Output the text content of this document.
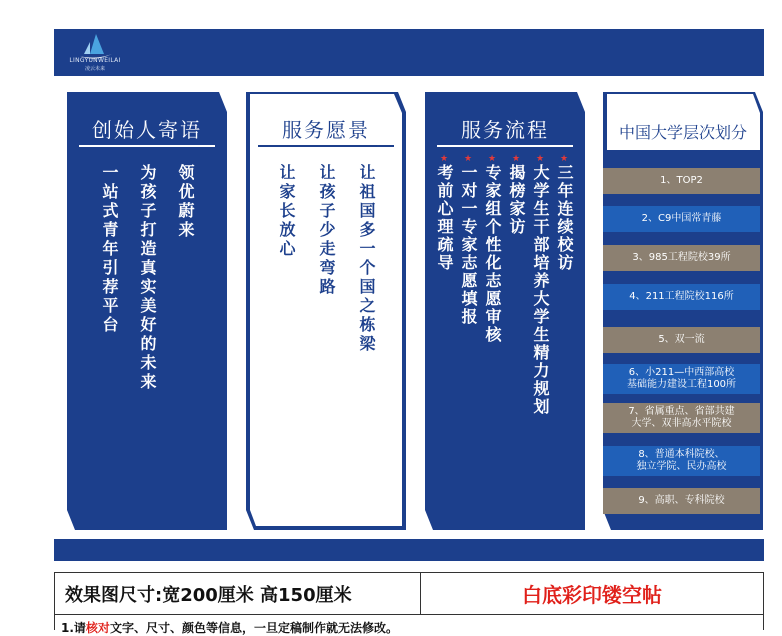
LINGYUNWEILAI
凌云未来
创始人寄语
领优蔚来
为孩子打造真实美好的未来
一站式青年引荐平台
服务愿景
让祖国多一个国之栋梁
让孩子少走弯路
让家长放心
服务流程
★
★
★
★
★
★
三年连续校访
大学生干部培养大学生精力规划
揭榜家访
专家组个性化志愿审核
一对一专家志愿填报
考前心理疏导
中国大学层次划分
1、TOP2
2、C9中国常青藤
3、985工程院校39所
4、211工程院校116所
5、双一流
6、小211—中西部高校
基础能力建设工程100所
7、省属重点、省部共建
大学、双非高水平院校
8、普通本科院校、
独立学院、民办高校
9、高职、专科院校
效果图尺寸:宽200厘米 高150厘米	白底彩印镂空帖
1.请核对文字、尺寸、颜色等信息，一旦定稿制作就无法修改。
